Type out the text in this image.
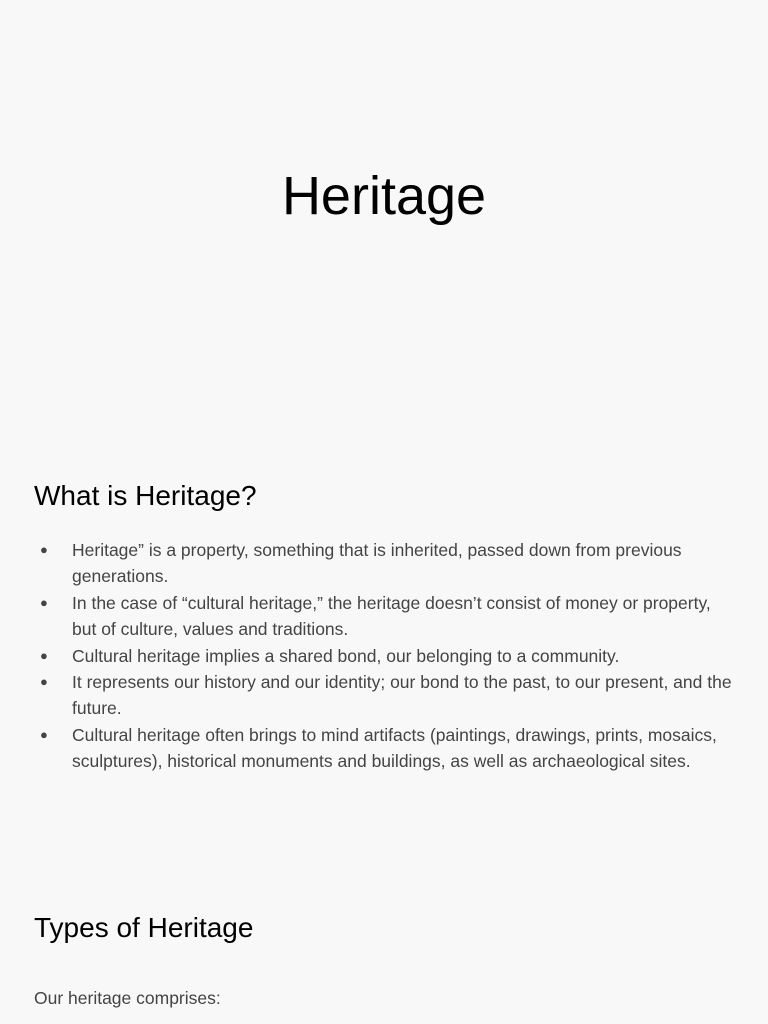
Heritage
What is Heritage?
● Heritage” is a property, something that is inherited, passed down from previous generations.
● In the case of “cultural heritage,” the heritage doesn’t consist of money or property, but of culture, values and traditions.
● Cultural heritage implies a shared bond, our belonging to a community.
● It represents our history and our identity; our bond to the past, to our present, and the future.
● Cultural heritage often brings to mind artifacts (paintings, drawings, prints, mosaics, sculptures), historical monuments and buildings, as well as archaeological sites.
Types of Heritage

Our heritage comprises:
